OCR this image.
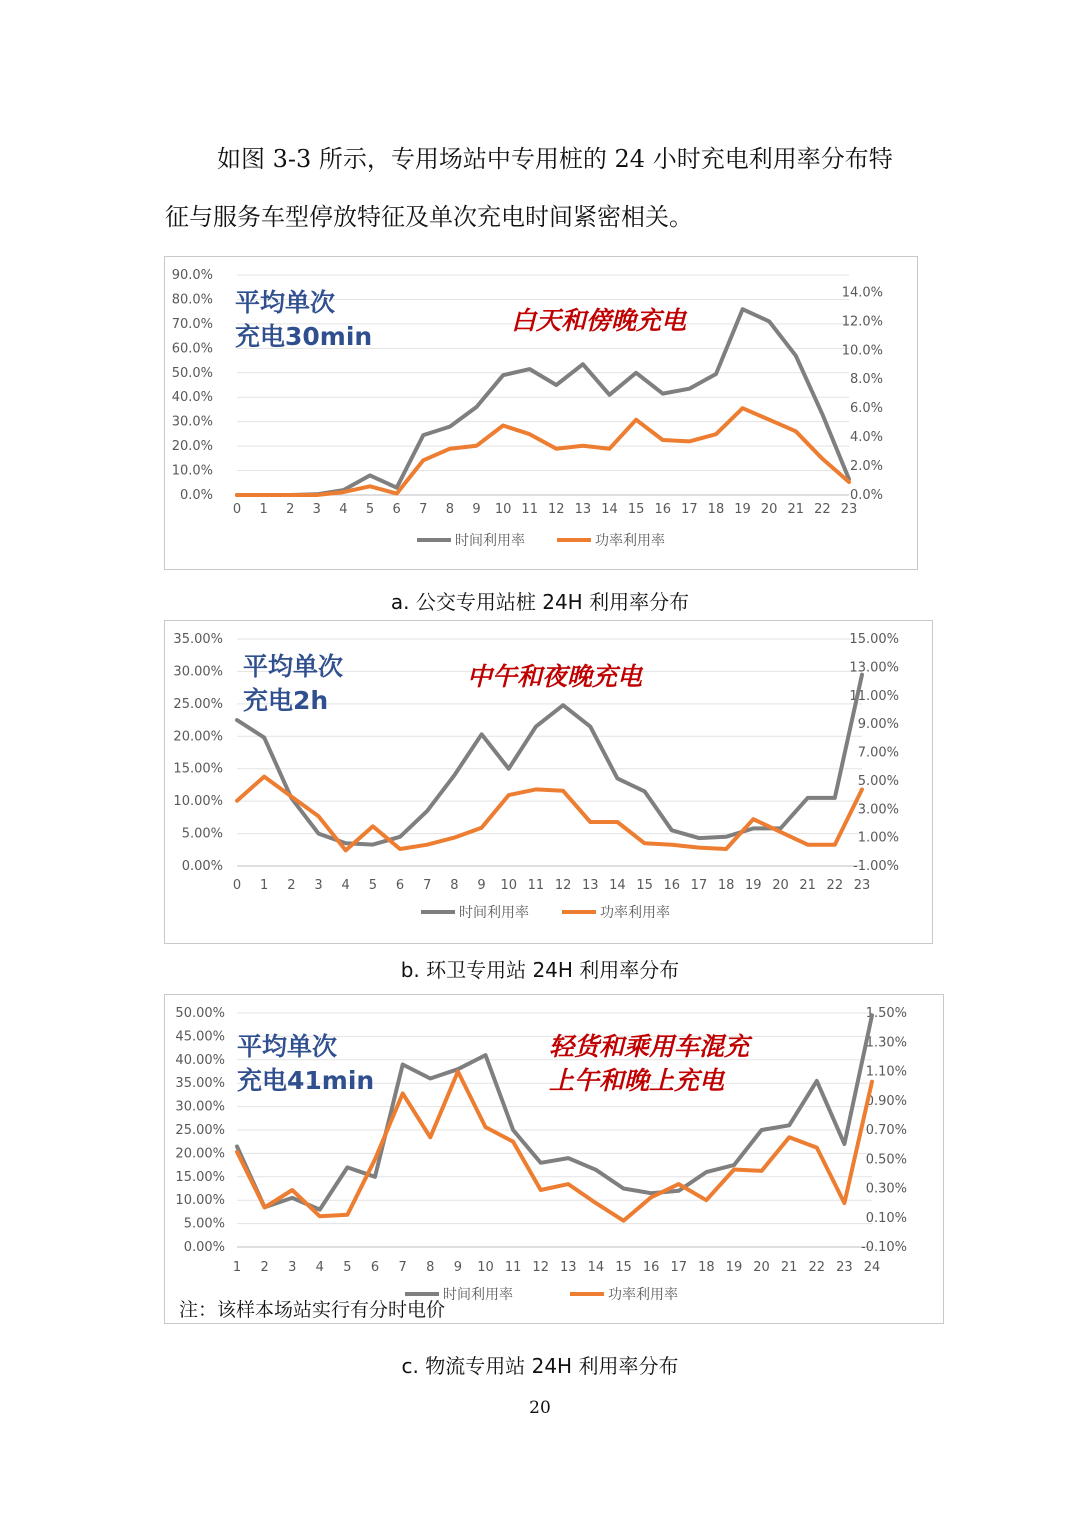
如图 3-3 所示，专用场站中专用桩的 24 小时充电利用率分布特
征与服务车型停放特征及单次充电时间紧密相关。

0.0%
10.0%
20.0%
30.0%
40.0%
50.0%
60.0%
70.0%
80.0%
90.0%
0.0%
2.0%
4.0%
6.0%
8.0%
10.0%
12.0%
14.0%
0 1 2 3 4 5 6 7 8 9 10 11 12 13 14 15 16 17 18 19 20 21 22 23
时间利用率	功率利用率
平均单次
充电30min
白天和傍晚充电
a. 公交专用站桩 24H 利用率分布
0.00%
5.00%
10.00%
15.00%
20.00%
25.00%
30.00%
35.00%
-1.00%
1.00%
3.00%
5.00%
7.00%
9.00%
11.00%
13.00%
15.00%
0 1 2 3 4 5 6 7 8 9 10 11 12 13 14 15 16 17 18 19 20 21 22 23
时间利用率	功率利用率
平均单次
充电2h
中午和夜晚充电
b. 环卫专用站 24H 利用率分布
0.00%
5.00%
10.00%
15.00%
20.00%
25.00%
30.00%
35.00%
40.00%
45.00%
50.00%
-0.10%
0.10%
0.30%
0.50%
0.70%
0.90%
1.10%
1.30%
1.50%
1 2 3 4 5 6 7 8 9 10 11 12 13 14 15 16 17 18 19 20 21 22 23 24
时间利用率	功率利用率
平均单次
充电41min
轻货和乘用车混充
上午和晚上充电
注：该样本场站实行有分时电价
c. 物流专用站 24H 利用率分布
20
